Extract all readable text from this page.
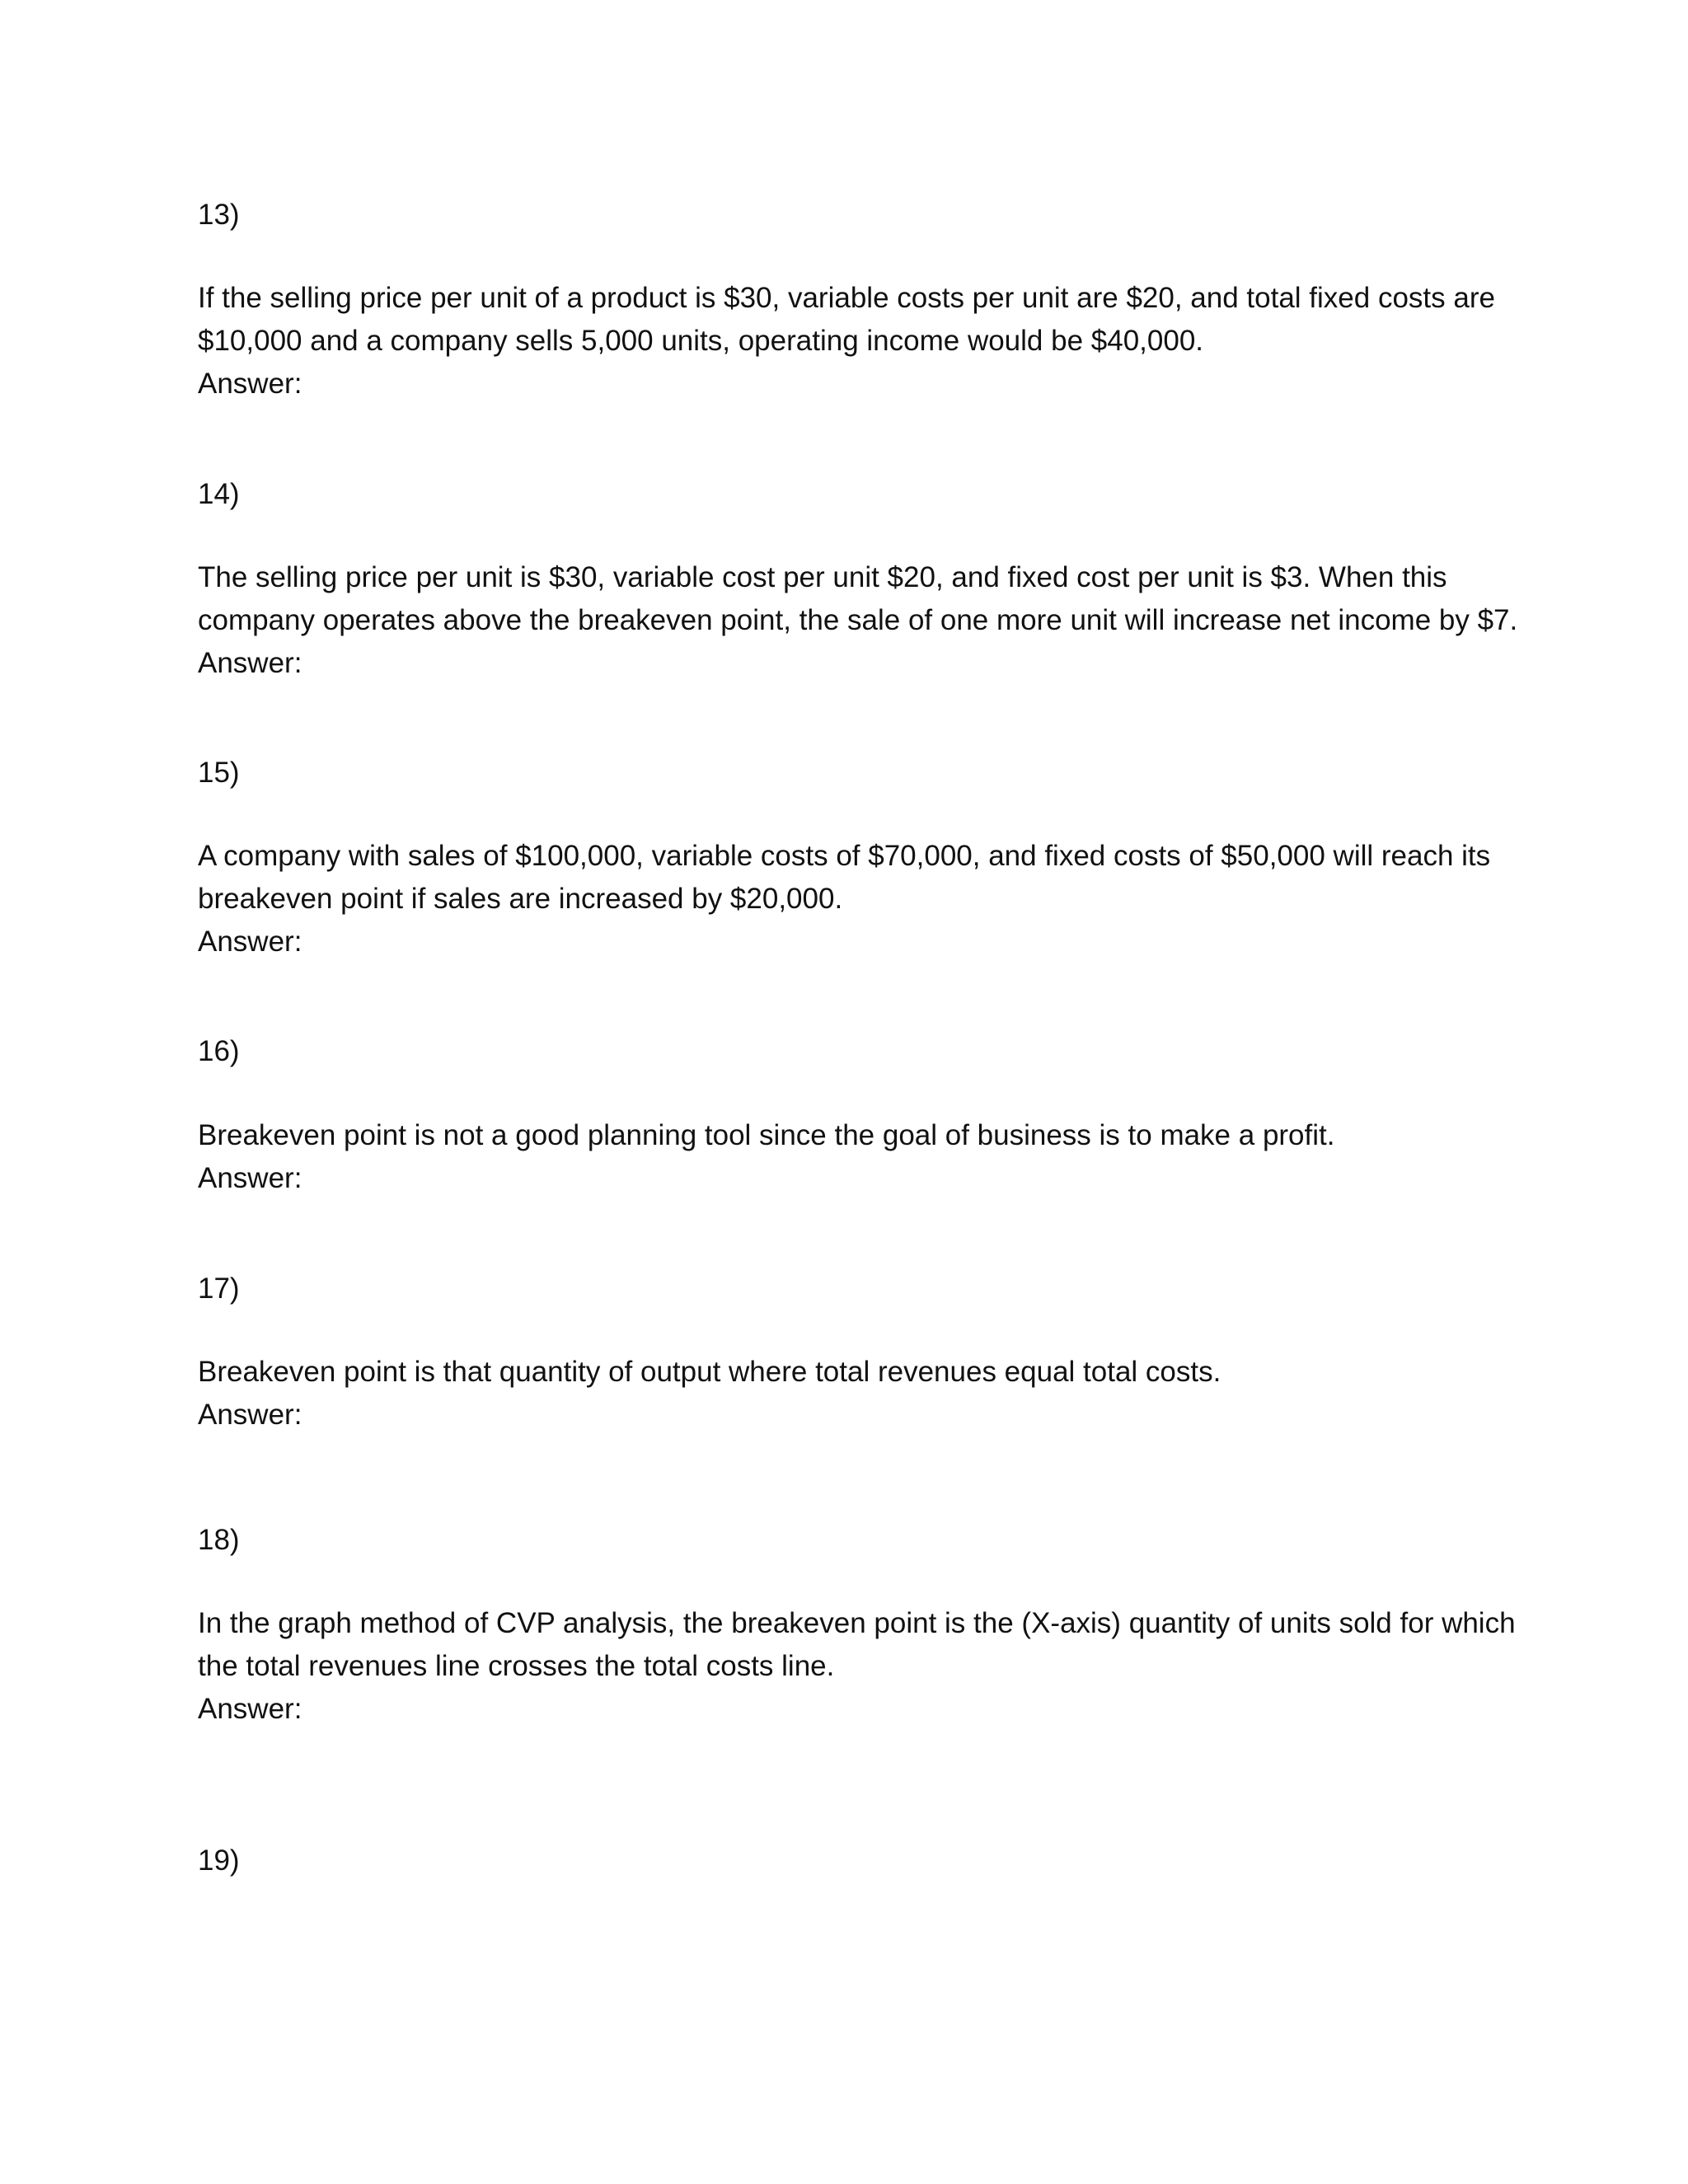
13)

If the selling price per unit of a product is $30, variable costs per unit are $20, and total fixed costs are

$10,000 and a company sells 5,000 units, operating income would be $40,000.

Answer:

14)

The selling price per unit is $30, variable cost per unit $20, and fixed cost per unit is $3. When this

company operates above the breakeven point, the sale of one more unit will increase net income by $7.

Answer:

15)

A company with sales of $100,000, variable costs of $70,000, and fixed costs of $50,000 will reach its

breakeven point if sales are increased by $20,000.

Answer:

16)

Breakeven point is not a good planning tool since the goal of business is to make a profit.

Answer:

17)

Breakeven point is that quantity of output where total revenues equal total costs.

Answer:

18)

In the graph method of CVP analysis, the breakeven point is the (X-axis) quantity of units sold for which

the total revenues line crosses the total costs line.

Answer:

19)
